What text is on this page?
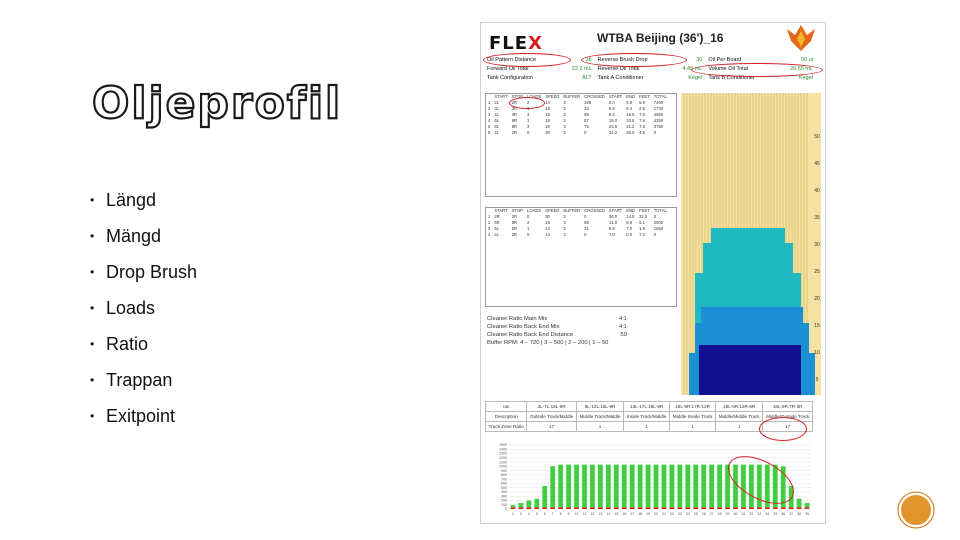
Oljeprofil
• Längd
• Mängd
• Drop Brush
• Loads
• Ratio
• Trappan
• Exitpoint
FLEX	WTBA Beijing (36')_16
Oil Pattern Distance	36 Reverse Brush Drop	30 Oil Per Board	50 ul
Forward Oil Total	22.2 mL Reverse Oil Total	4.45 mL Volume Oil Total	26.65 mL
Tank Configuration	ALT Tank A Conditioner	Kegel Tank B Conditioner	Kegel
	START	STOP	LOADS	SPEED	BUFFER	CROSSED	START	END	FEET	TOTAL
1	2L	2R	2	14	3	168	0.0	5.9	5.9	7400
2	3L	3R	1	18	3	33	5.9	8.4	2.5	1730
3	4L	4R	3	18	3	99	8.4	16.0	7.6	4950
4	6L	6R	3	18	3	87	16.0	23.6	7.6	4350
5	8L	8R	3	18	3	75	23.6	31.2	7.6	3750
6	2L	2R	0	26	3	0	31.2	36.0	4.8	0
	START	STOP	LOADS	SPEED	BUFFER	CROSSED	START	END	FEET	TOTAL
1	2R	2R	0	30	3	0	36.0	14.0	22.0	0
2	6R	6R	2	18	3	58	14.0	8.9	5.1	2900
3	5L	5R	1	14	3	31	8.9	7.0	1.9	1550
4	2L	2R	0	14	3	0	7.0	0.0	7.0	0
Cleaner Ratio Main Mix	4:1
Cleaner Ratio Back End Mix	4:1
Cleaner Ratio Back End Distance	59
Buffer RPM: 4 – 720 | 3 – 500 | 2 – 200 | 1 – 50
5
10
15
20
25
30
35
40
45
50
ran	3L-7L:18L-9R	8L-12L:18L-9R	13L-17L:18L-9R	18L-9R:17R-13R	18L-9R:12R-8R	18L-9R:7R-3R
Description	Outside Track/Middle	Middle Track/Middle	Inside Track/Middle	Middle Inside Track	Middle/Middle Track	Middle/Outside Track
Track Zone Ratio	17	1	1	1	1	17
1500
1400
1300
1200
1100
1000
900
800
700
600
500
400
300
200
100
0
2 3 4 5 6 7 8 9 10 11 12 13 14 15 16 17 18 19 20 21 22 23 24 25 26 27 28 29 30 31 32 33 34 35 36 37 38 39
